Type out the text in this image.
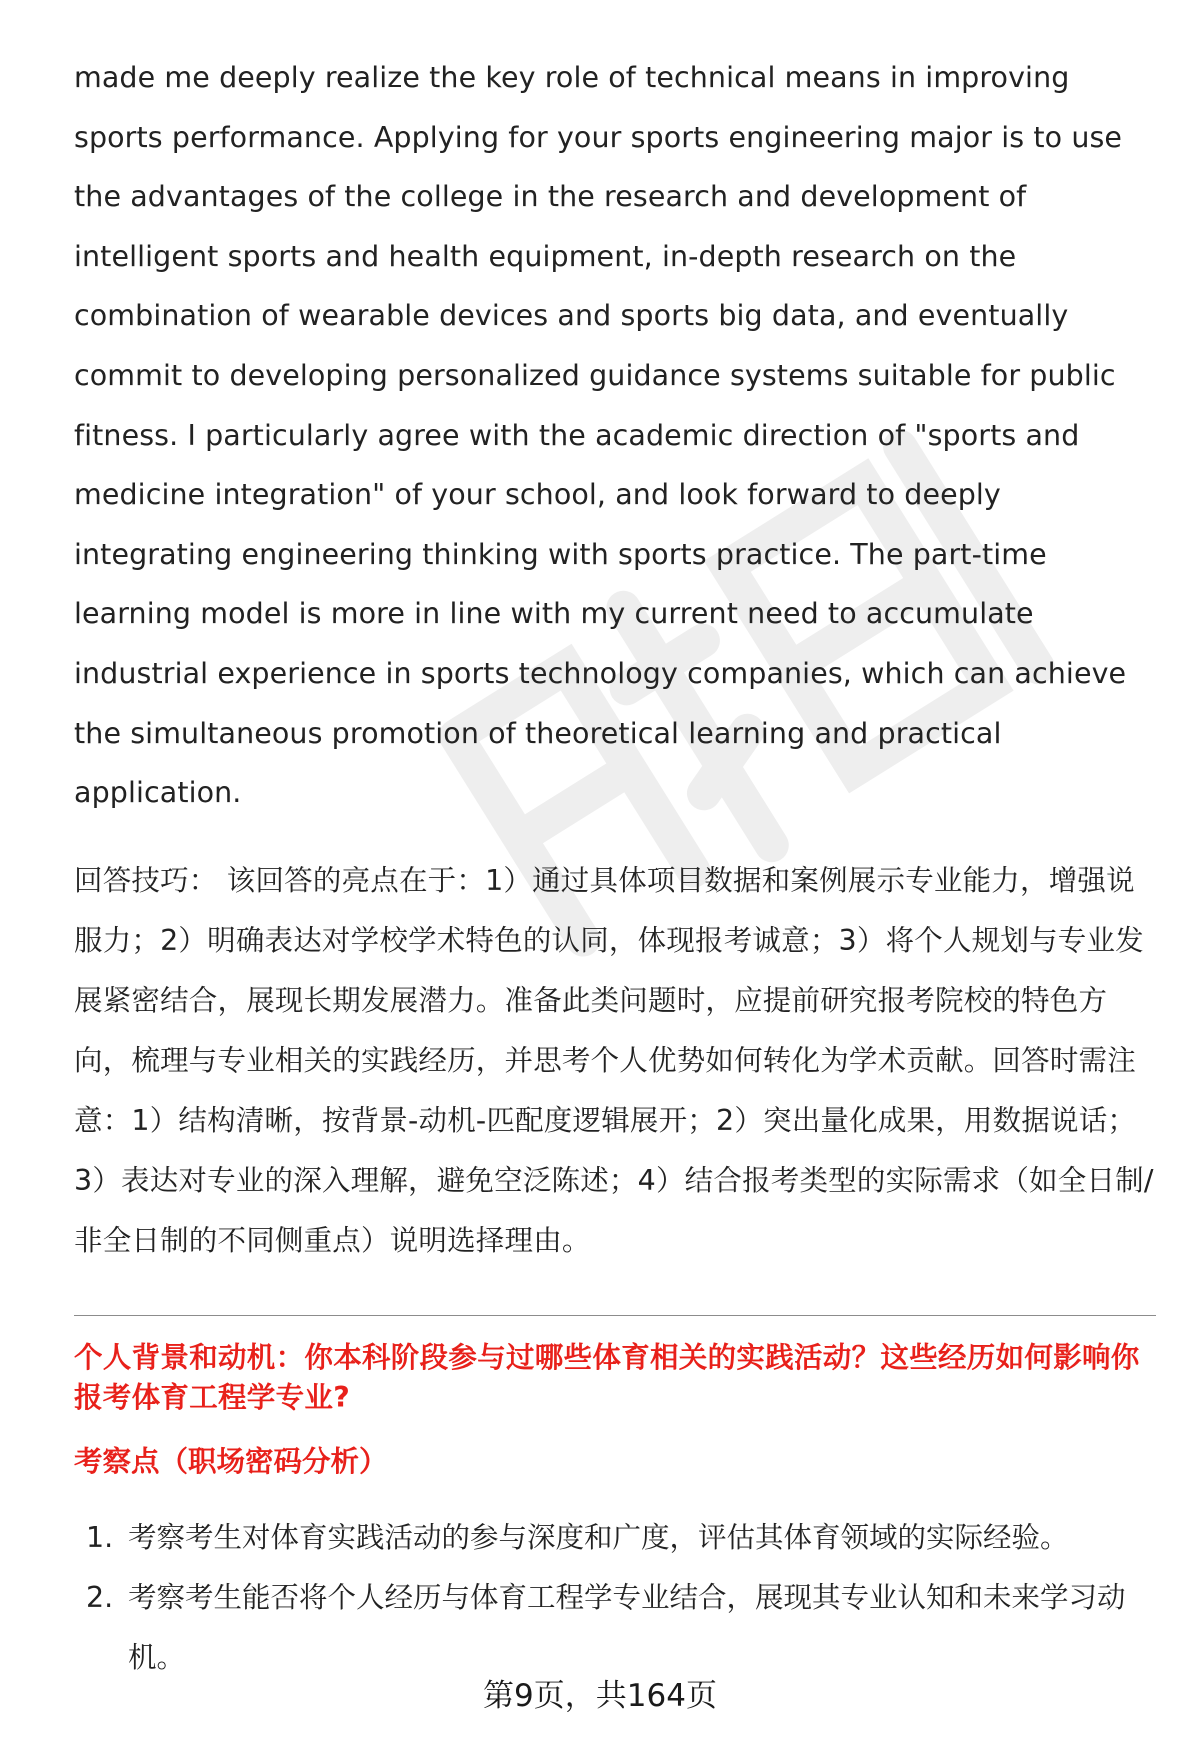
made me deeply realize the key role of technical means in improving sports performance. Applying for your sports engineering major is to use the advantages of the college in the research and development of intelligent sports and health equipment, in-depth research on the combination of wearable devices and sports big data, and eventually commit to developing personalized guidance systems suitable for public fitness. I particularly agree with the academic direction of "sports and medicine integration" of your school, and look forward to deeply integrating engineering thinking with sports practice. The part-time learning model is more in line with my current need to accumulate industrial experience in sports technology companies, which can achieve the simultaneous promotion of theoretical learning and practical application.

回答技巧： 该回答的亮点在于：1）通过具体项目数据和案例展示专业能力，增强说服力；2）明确表达对学校学术特色的认同，体现报考诚意；3）将个人规划与专业发展紧密结合，展现长期发展潜力。准备此类问题时，应提前研究报考院校的特色方向，梳理与专业相关的实践经历，并思考个人优势如何转化为学术贡献。回答时需注意：1）结构清晰，按背景-动机-匹配度逻辑展开；2）突出量化成果，用数据说话；3）表达对专业的深入理解，避免空泛陈述；4）结合报考类型的实际需求（如全日制/非全日制的不同侧重点）说明选择理由。
个人背景和动机：你本科阶段参与过哪些体育相关的实践活动？这些经历如何影响你报考体育工程学专业?
考察点（职场密码分析）
1. 考察考生对体育实践活动的参与深度和广度，评估其体育领域的实际经验。
2. 考察考生能否将个人经历与体育工程学专业结合，展现其专业认知和未来学习动机。
第9页，共164页
